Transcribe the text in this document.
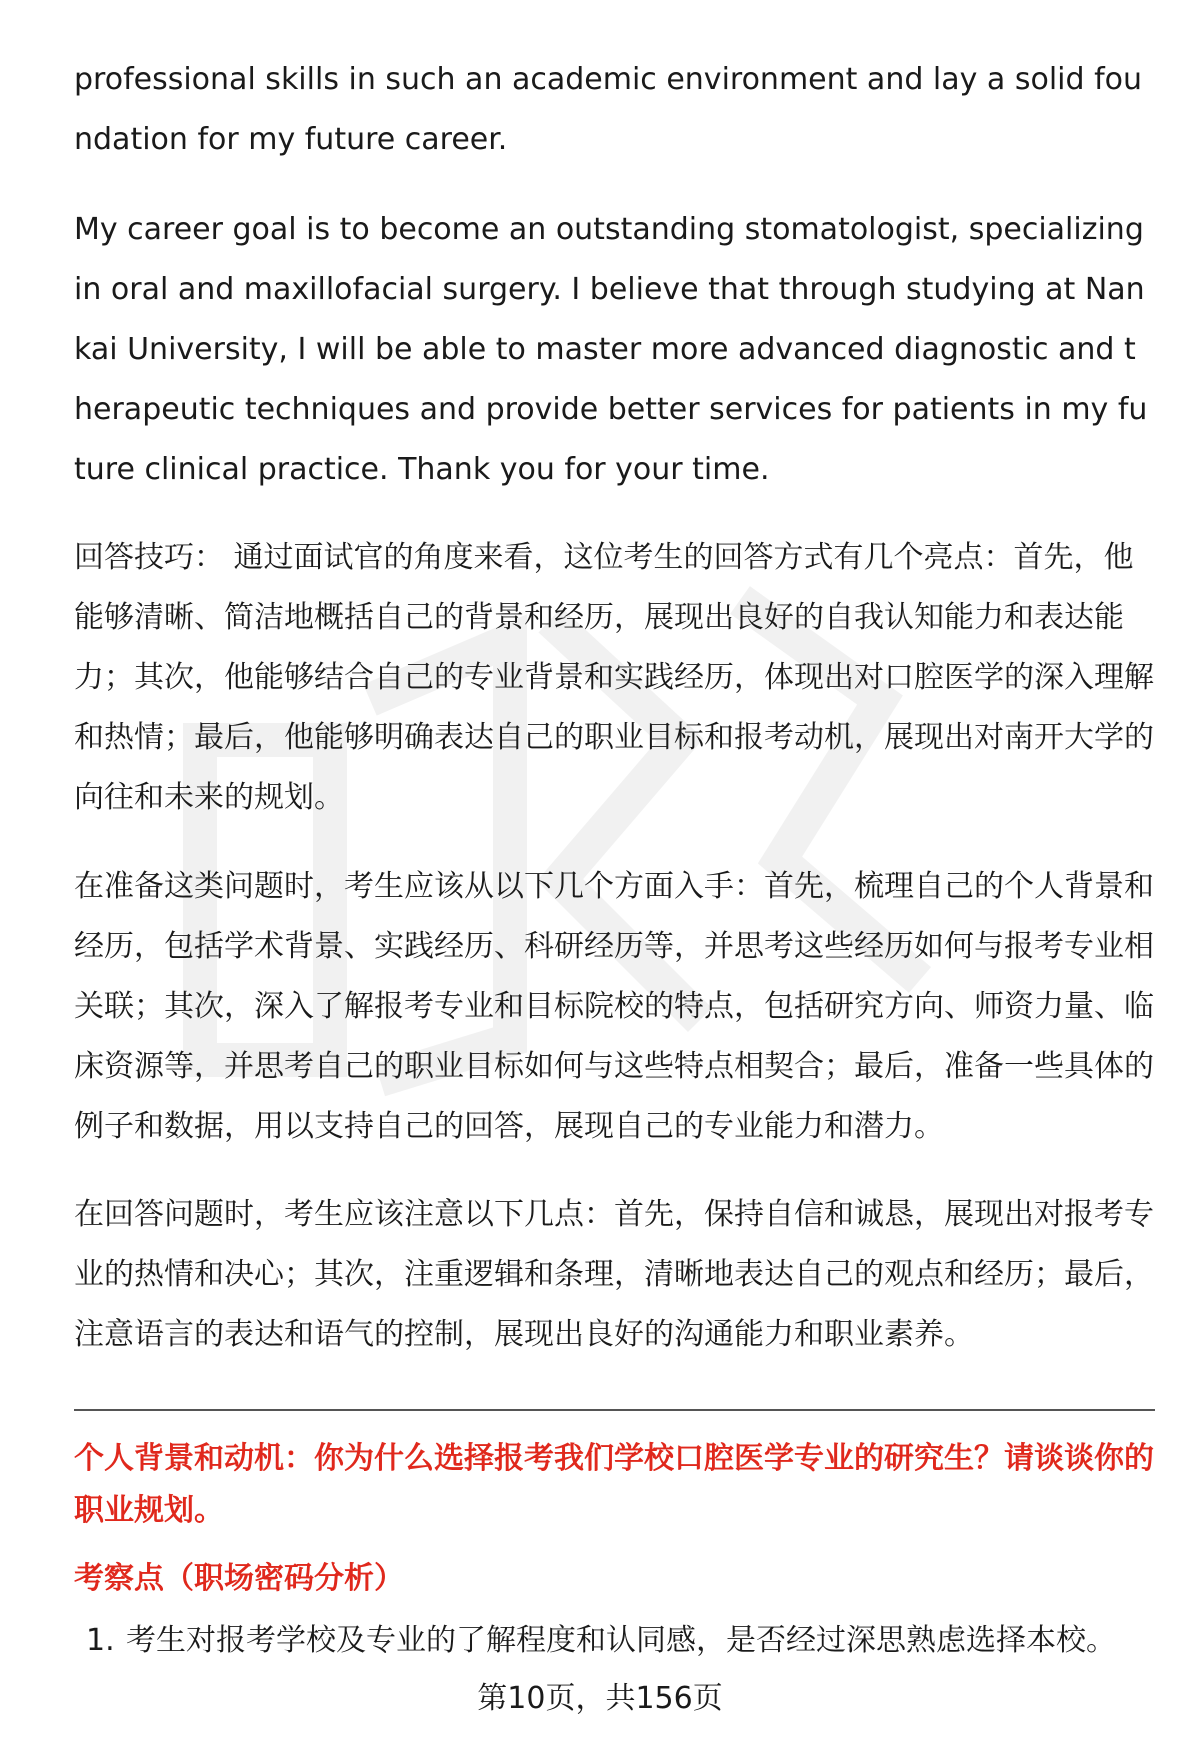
professional skills in such an academic environment and lay a solid foundation for my future career.

My career goal is to become an outstanding stomatologist, specializing in oral and maxillofacial surgery. I believe that through studying at Nankai University, I will be able to master more advanced diagnostic and therapeutic techniques and provide better services for patients in my future clinical practice. Thank you for your time.

回答技巧： 通过面试官的角度来看，这位考生的回答方式有几个亮点：首先，他能够清晰、简洁地概括自己的背景和经历，展现出良好的自我认知能力和表达能力；其次，他能够结合自己的专业背景和实践经历，体现出对口腔医学的深入理解和热情；最后，他能够明确表达自己的职业目标和报考动机，展现出对南开大学的向往和未来的规划。

在准备这类问题时，考生应该从以下几个方面入手：首先，梳理自己的个人背景和经历，包括学术背景、实践经历、科研经历等，并思考这些经历如何与报考专业相关联；其次，深入了解报考专业和目标院校的特点，包括研究方向、师资力量、临床资源等，并思考自己的职业目标如何与这些特点相契合；最后，准备一些具体的例子和数据，用以支持自己的回答，展现自己的专业能力和潜力。

在回答问题时，考生应该注意以下几点：首先，保持自信和诚恳，展现出对报考专业的热情和决心；其次，注重逻辑和条理，清晰地表达自己的观点和经历；最后，注意语言的表达和语气的控制，展现出良好的沟通能力和职业素养。

个人背景和动机：你为什么选择报考我们学校口腔医学专业的研究生？请谈谈你的职业规划。

考察点（职场密码分析）

1. 考生对报考学校及专业的了解程度和认同感，是否经过深思熟虑选择本校。

第10页，共156页
